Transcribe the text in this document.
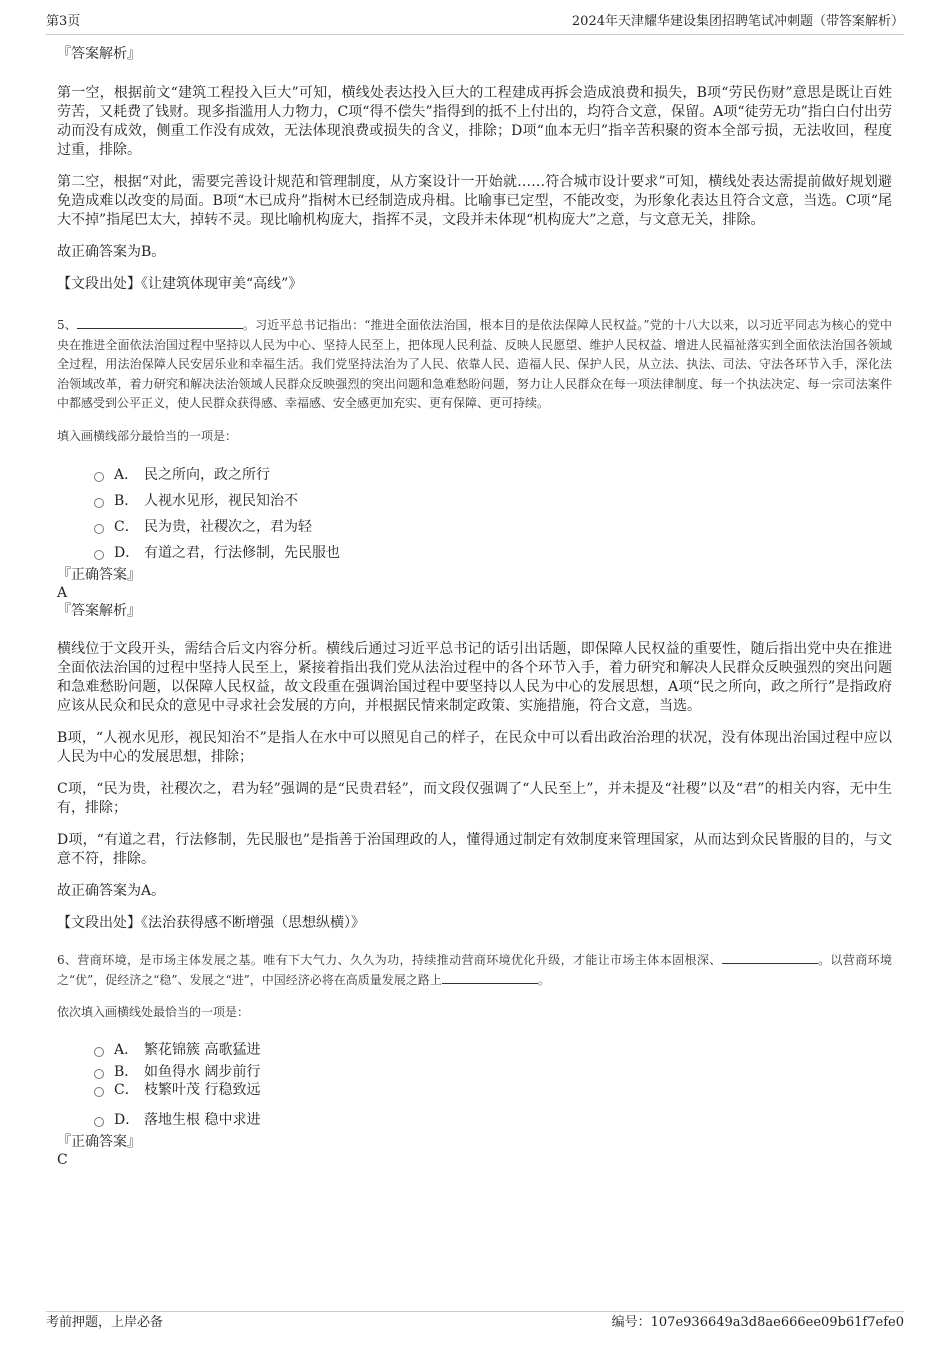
第3页	2024年天津耀华建设集团招聘笔试冲刺题（带答案解析）
『答案解析』
第一空，根据前文“建筑工程投入巨大”可知，横线处表达投入巨大的工程建成再拆会造成浪费和损失，B项“劳民伤财”意思是既让百姓劳苦，又耗费了钱财。现多指滥用人力物力，C项“得不偿失”指得到的抵不上付出的，均符合文意，保留。A项“徒劳无功”指白白付出劳动而没有成效，侧重工作没有成效，无法体现浪费或损失的含义，排除；D项“血本无归”指辛苦积聚的资本全部亏损，无法收回，程度过重，排除。
第二空，根据“对此，需要完善设计规范和管理制度，从方案设计一开始就……符合城市设计要求”可知，横线处表达需提前做好规划避免造成难以改变的局面。B项“木已成舟”指树木已经制造成舟楫。比喻事已定型，不能改变，为形象化表达且符合文意，当选。C项“尾大不掉”指尾巴太大，掉转不灵。现比喻机构庞大，指挥不灵，文段并未体现“机构庞大”之意，与文意无关，排除。
故正确答案为B。
【文段出处】《让建筑体现审美“高线”》
5、	。习近平总书记指出：“推进全面依法治国，根本目的是依法保障人民权益。”党的十八大以来，以习近平同志为核心的党中央在推进全面依法治国过程中坚持以人民为中心、坚持人民至上，把体现人民利益、反映人民愿望、维护人民权益、增进人民福祉落实到全面依法治国各领域全过程，用法治保障人民安居乐业和幸福生活。我们党坚持法治为了人民、依靠人民、造福人民、保护人民，从立法、执法、司法、守法各环节入手，深化法治领域改革，着力研究和解决法治领域人民群众反映强烈的突出问题和急难愁盼问题，努力让人民群众在每一项法律制度、每一个执法决定、每一宗司法案件中都感受到公平正义，使人民群众获得感、幸福感、安全感更加充实、更有保障、更可持续。
填入画横线部分最恰当的一项是：
A． 民之所向，政之所行
B． 人视水见形，视民知治不
C． 民为贵，社稷次之，君为轻
D． 有道之君，行法修制，先民服也
『正确答案』
A
『答案解析』
横线位于文段开头，需结合后文内容分析。横线后通过习近平总书记的话引出话题，即保障人民权益的重要性，随后指出党中央在推进全面依法治国的过程中坚持人民至上，紧接着指出我们党从法治过程中的各个环节入手，着力研究和解决人民群众反映强烈的突出问题和急难愁盼问题，以保障人民权益，故文段重在强调治国过程中要坚持以人民为中心的发展思想，A项“民之所向，政之所行”是指政府应该从民众和民众的意见中寻求社会发展的方向，并根据民情来制定政策、实施措施，符合文意，当选。
B项，“人视水见形，视民知治不”是指人在水中可以照见自己的样子，在民众中可以看出政治治理的状况，没有体现出治国过程中应以人民为中心的发展思想，排除；
C项，“民为贵，社稷次之，君为轻”强调的是“民贵君轻”，而文段仅强调了“人民至上”，并未提及“社稷”以及“君”的相关内容，无中生有，排除；
D项，“有道之君，行法修制，先民服也”是指善于治国理政的人，懂得通过制定有效制度来管理国家，从而达到众民皆服的目的，与文意不符，排除。
故正确答案为A。
【文段出处】《法治获得感不断增强（思想纵横）》
6、营商环境，是市场主体发展之基。唯有下大气力、久久为功，持续推动营商环境优化升级，才能让市场主体本固根深、	。以营商环境之“优”，促经济之“稳”、发展之“进”，中国经济必将在高质量发展之路上	。
依次填入画横线处最恰当的一项是：
A． 繁花锦簇 高歌猛进
B． 如鱼得水 阔步前行
C． 枝繁叶茂 行稳致远
D． 落地生根 稳中求进
『正确答案』
C
考前押题，上岸必备	编号：107e936649a3d8ae666ee09b61f7efe0
